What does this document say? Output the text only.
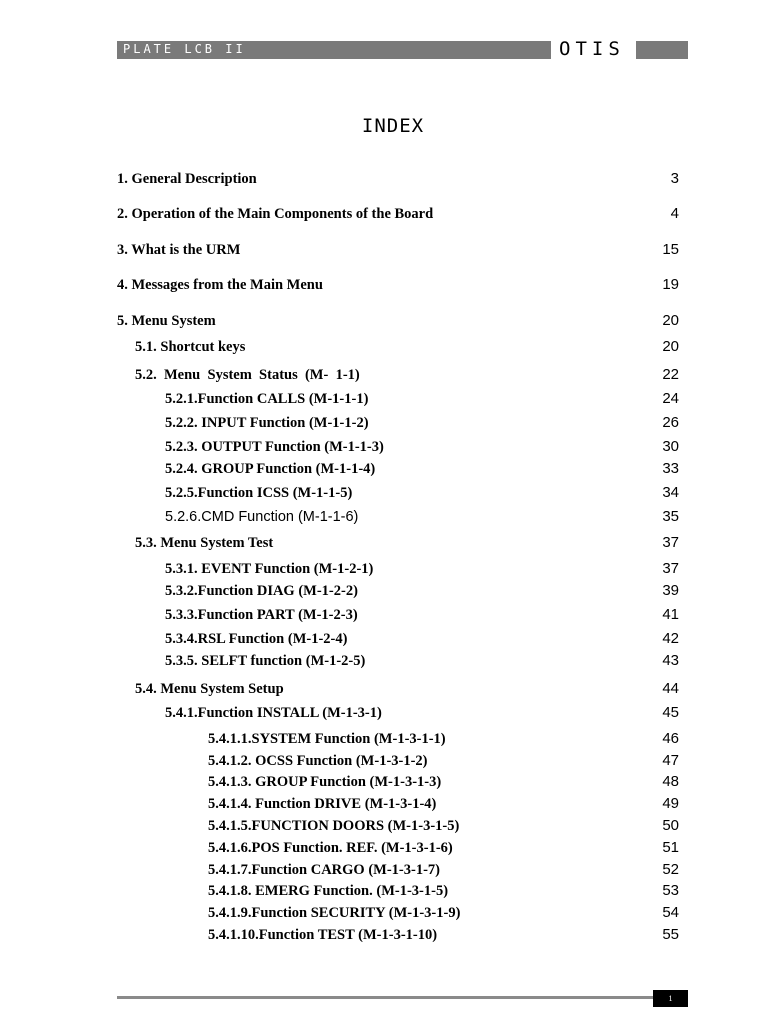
PLATE LCB II	OTIS
INDEX
1. General Description	3
2. Operation of the Main Components of the Board	4
3. What is the URM	15
4. Messages from the Main Menu	19
5. Menu System	20
5.1. Shortcut keys	20
5.2.  Menu  System  Status  (M-  1-1)	22
5.2.1.Function CALLS (M-1-1-1)	24
5.2.2. INPUT Function (M-1-1-2)	26
5.2.3. OUTPUT Function (M-1-1-3)	30
5.2.4. GROUP Function (M-1-1-4)	33
5.2.5.Function ICSS (M-1-1-5)	34
5.2.6.CMD Function (M-1-1-6)	35
5.3. Menu System Test	37
5.3.1. EVENT Function (M-1-2-1)	37
5.3.2.Function DIAG (M-1-2-2)	39
5.3.3.Function PART (M-1-2-3)	41
5.3.4.RSL Function (M-1-2-4)	42
5.3.5. SELFT function (M-1-2-5)	43
5.4. Menu System Setup	44
5.4.1.Function INSTALL (M-1-3-1)	45
5.4.1.1.SYSTEM Function (M-1-3-1-1)	46
5.4.1.2. OCSS Function (M-1-3-1-2)	47
5.4.1.3. GROUP Function (M-1-3-1-3)	48
5.4.1.4. Function DRIVE (M-1-3-1-4)	49
5.4.1.5.FUNCTION DOORS (M-1-3-1-5)	50
5.4.1.6.POS Function. REF. (M-1-3-1-6)	51
5.4.1.7.Function CARGO (M-1-3-1-7)	52
5.4.1.8. EMERG Function. (M-1-3-1-5)	53
5.4.1.9.Function SECURITY (M-1-3-1-9)	54
5.4.1.10.Function TEST (M-1-3-1-10)	55
1
